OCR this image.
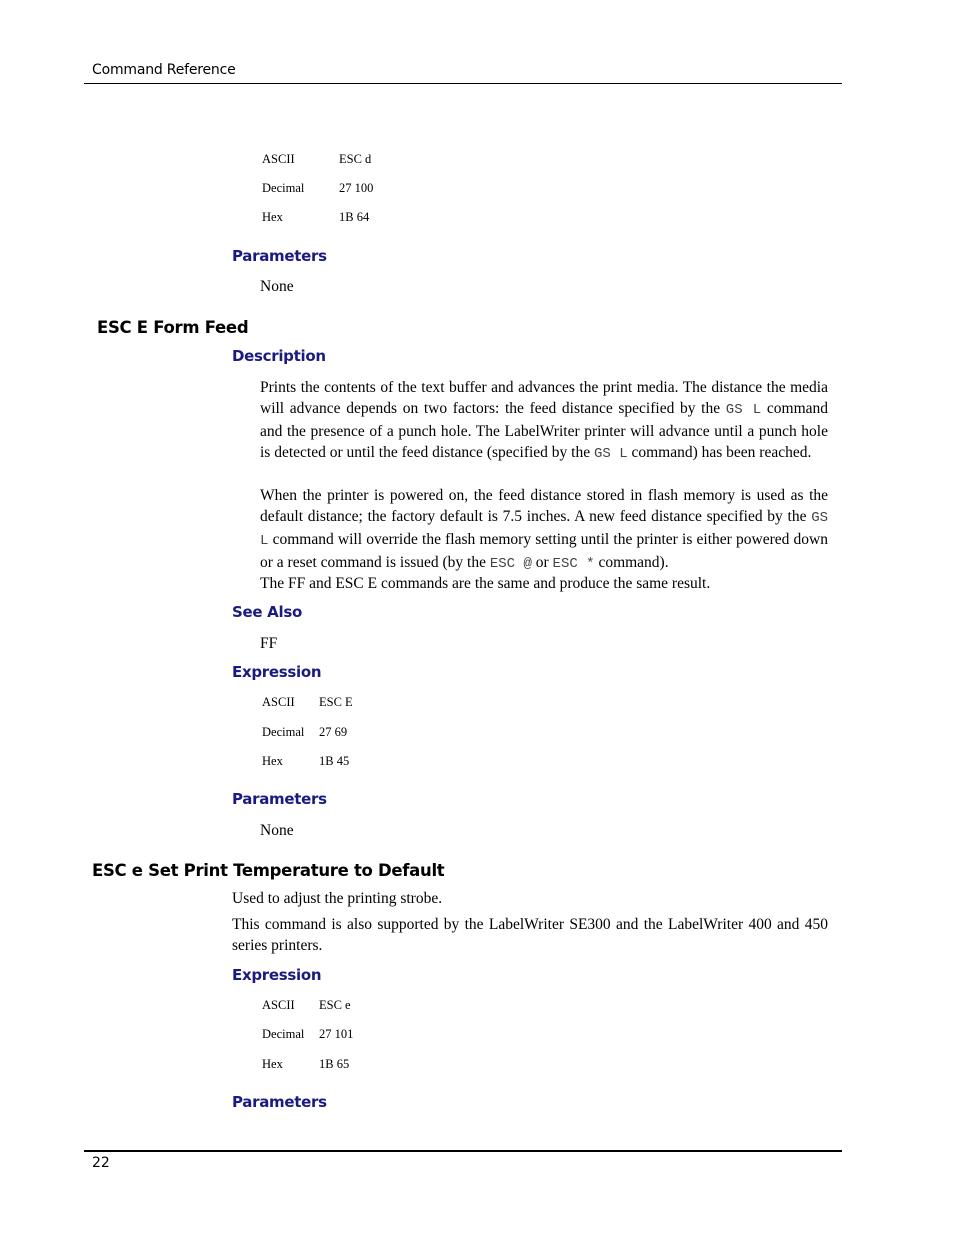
Command Reference
ASCII	ESC d
Decimal	27 100
Hex	1B 64
Parameters
None
ESC E Form Feed
Description
Prints the contents of the text buffer and advances the print media. The distance the media will advance depends on two factors: the feed distance specified by the GS L command and the presence of a punch hole. The LabelWriter printer will advance until a punch hole is detected or until the feed distance (specified by the GS L command) has been reached.
When the printer is powered on, the feed distance stored in flash memory is used as the default distance; the factory default is 7.5 inches. A new feed distance specified by the GS L command will override the flash memory setting until the printer is either powered down or a reset command is issued (by the ESC @ or ESC * command).
The FF and ESC E commands are the same and produce the same result.
See Also
FF
Expression
ASCII ESC E
Decimal 27 69
Hex	1B 45
Parameters
None
ESC e Set Print Temperature to Default
Used to adjust the printing strobe.
This command is also supported by the LabelWriter SE300 and the LabelWriter 400 and 450 series printers.
Expression
ASCII ESC e
Decimal 27 101
Hex	1B 65
Parameters
22
